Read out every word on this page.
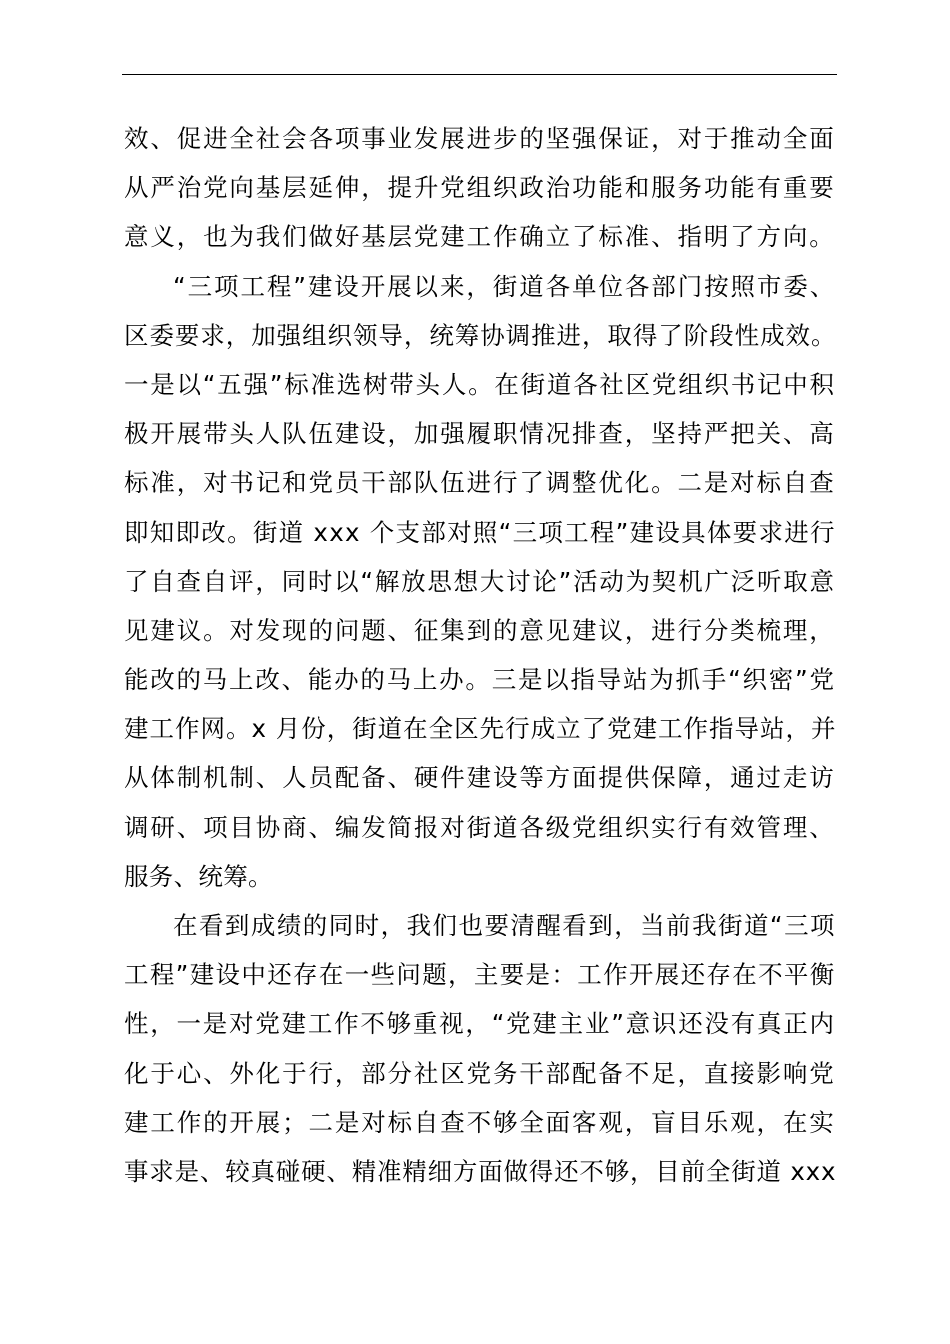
效、促进全社会各项事业发展进步的坚强保证，对于推动全面
从严治党向基层延伸，提升党组织政治功能和服务功能有重要
意义，也为我们做好基层党建工作确立了标准、指明了方向。
“三项工程”建设开展以来，街道各单位各部门按照市委、
区委要求，加强组织领导，统筹协调推进，取得了阶段性成效。
一是以“五强”标准选树带头人。在街道各社区党组织书记中积
极开展带头人队伍建设，加强履职情况排查，坚持严把关、高
标准，对书记和党员干部队伍进行了调整优化。二是对标自查
即知即改。街道 xxx 个支部对照“三项工程”建设具体要求进行
了自查自评，同时以“解放思想大讨论”活动为契机广泛听取意
见建议。对发现的问题、征集到的意见建议，进行分类梳理，
能改的马上改、能办的马上办。三是以指导站为抓手“织密”党
建工作网。x 月份，街道在全区先行成立了党建工作指导站，并
从体制机制、人员配备、硬件建设等方面提供保障，通过走访
调研、项目协商、编发简报对街道各级党组织实行有效管理、
服务、统筹。
在看到成绩的同时，我们也要清醒看到，当前我街道“三项
工程”建设中还存在一些问题，主要是：工作开展还存在不平衡
性，一是对党建工作不够重视，“党建主业”意识还没有真正内
化于心、外化于行，部分社区党务干部配备不足，直接影响党
建工作的开展；二是对标自查不够全面客观，盲目乐观，在实
事求是、较真碰硬、精准精细方面做得还不够，目前全街道 xxx
